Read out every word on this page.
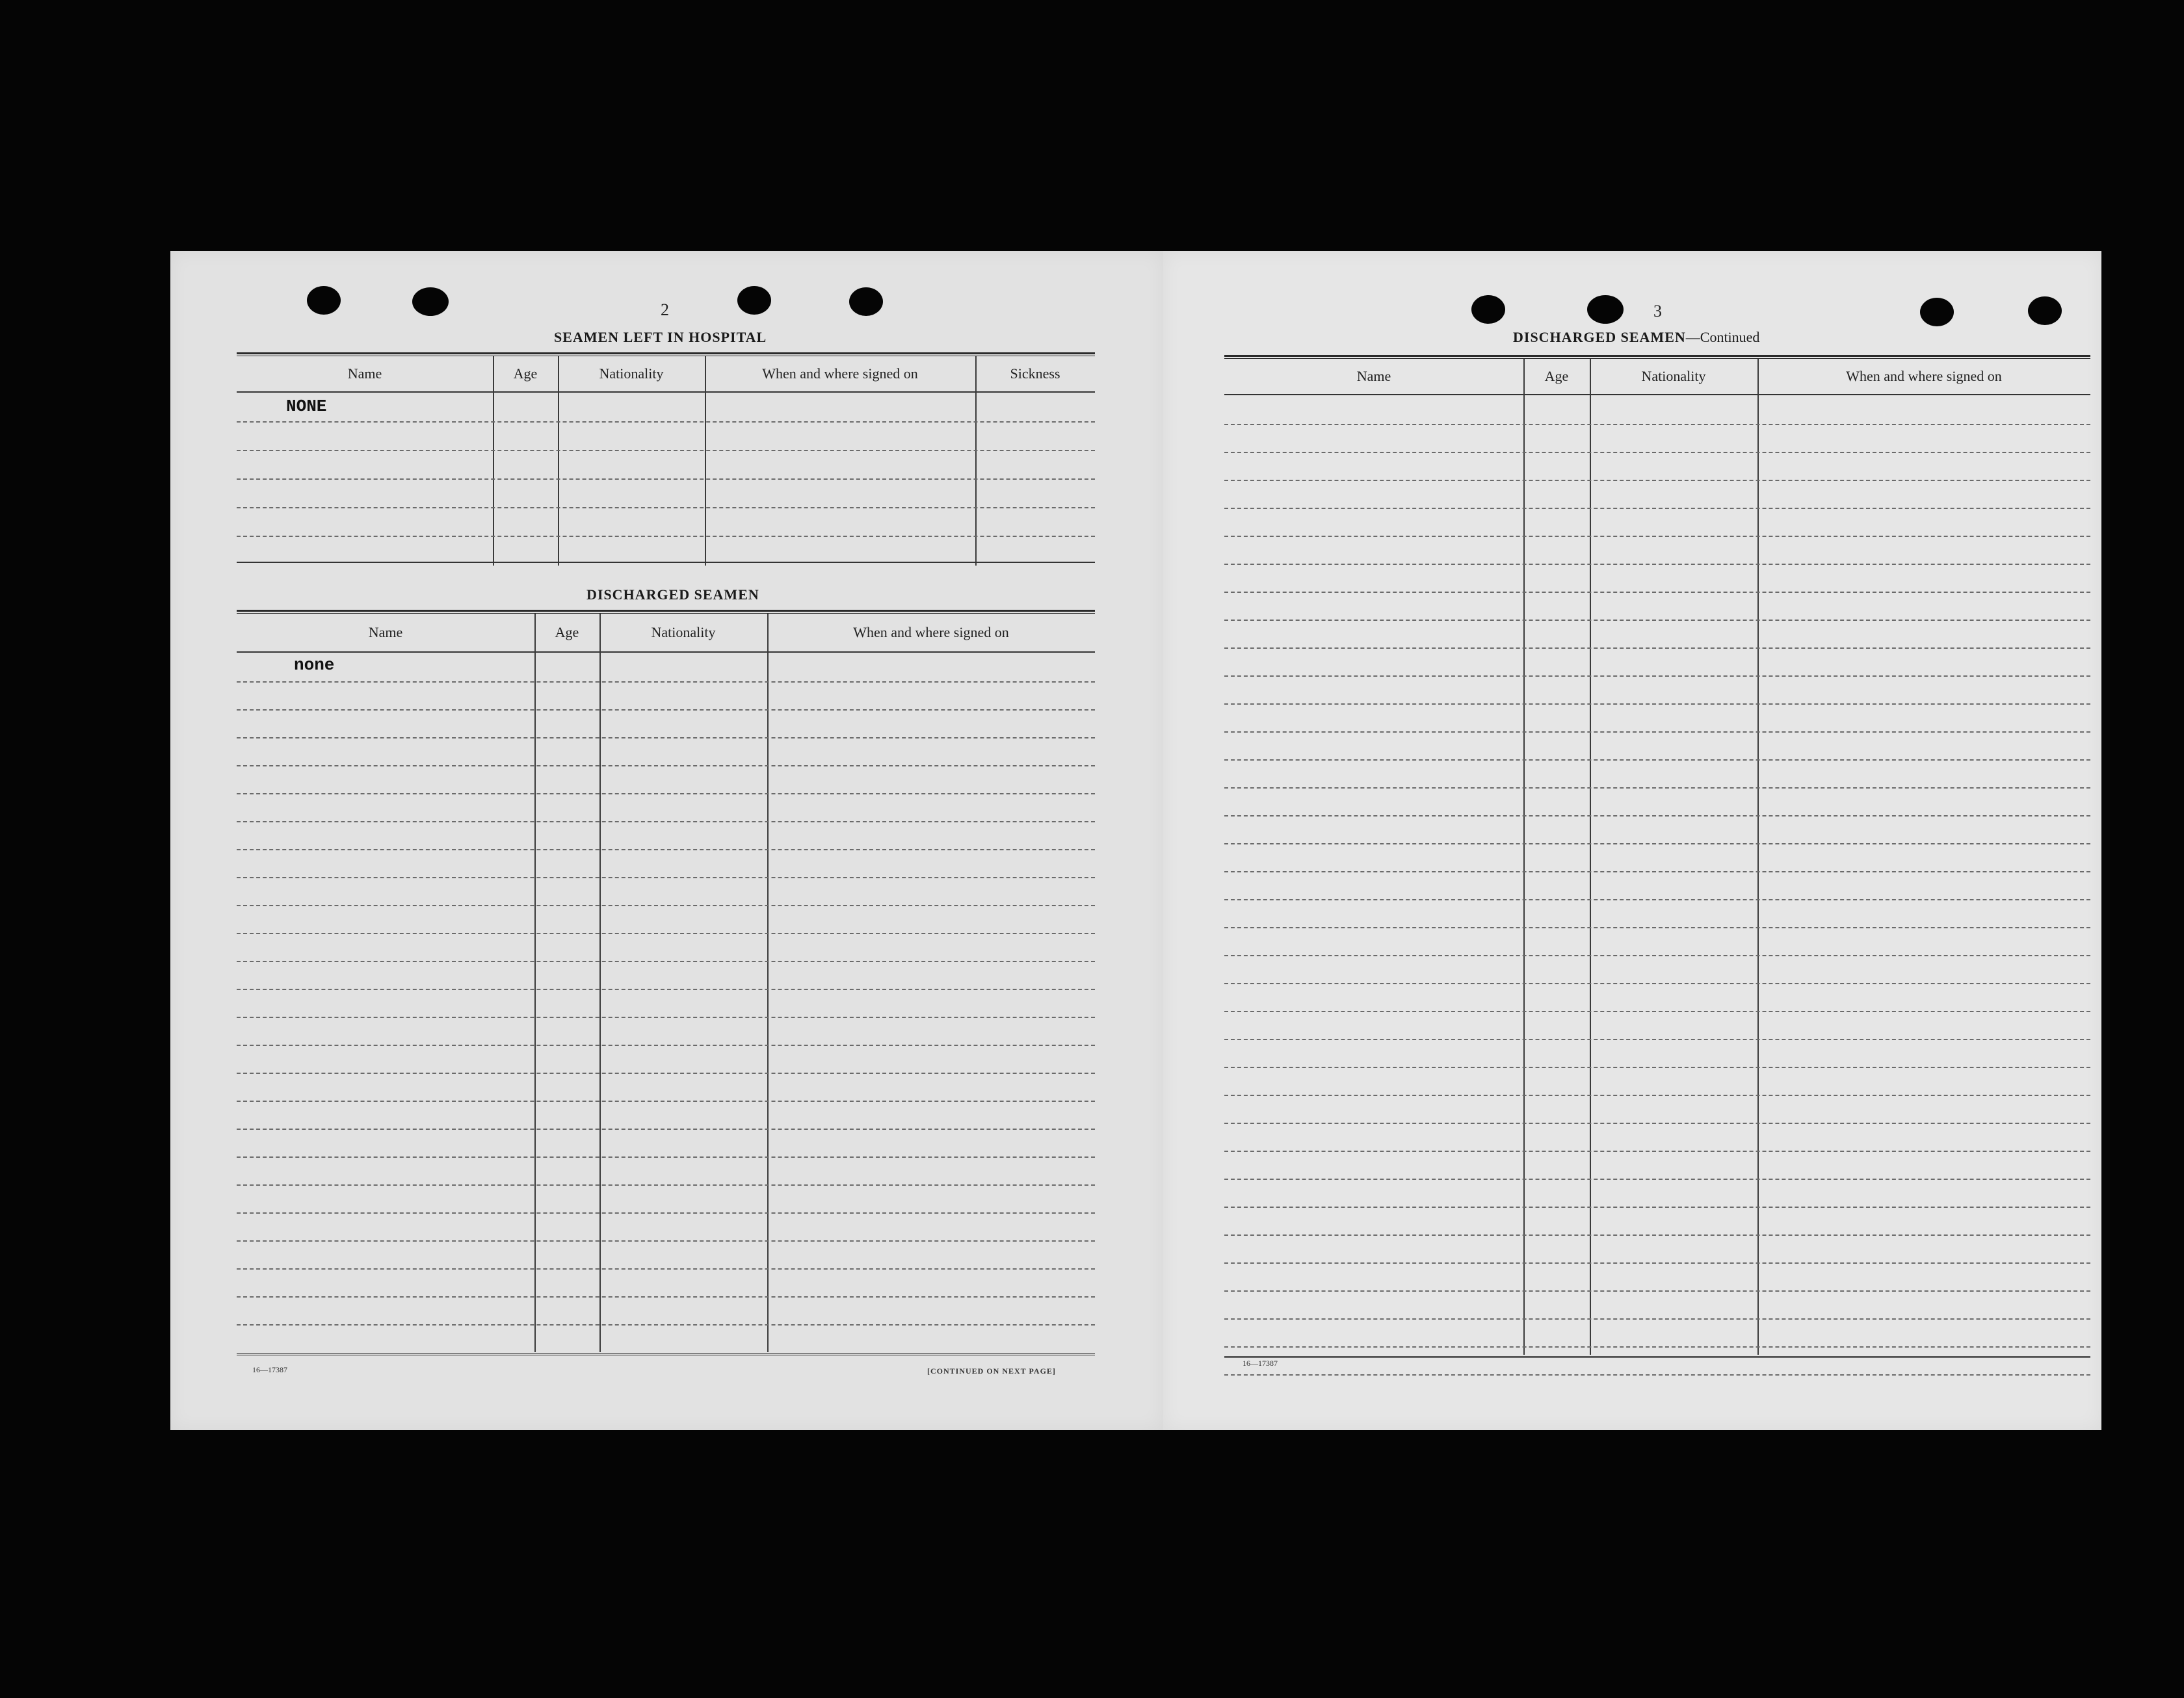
2
SEAMEN LEFT IN HOSPITAL
Name	Age	Nationality	When and where signed on	Sickness
NONE
DISCHARGED SEAMEN
Name	Age	Nationality	When and where signed on
none
16—17387	[CONTINUED ON NEXT PAGE]
3
DISCHARGED SEAMEN—Continued
Name	Age	Nationality	When and where signed on
16—17387
